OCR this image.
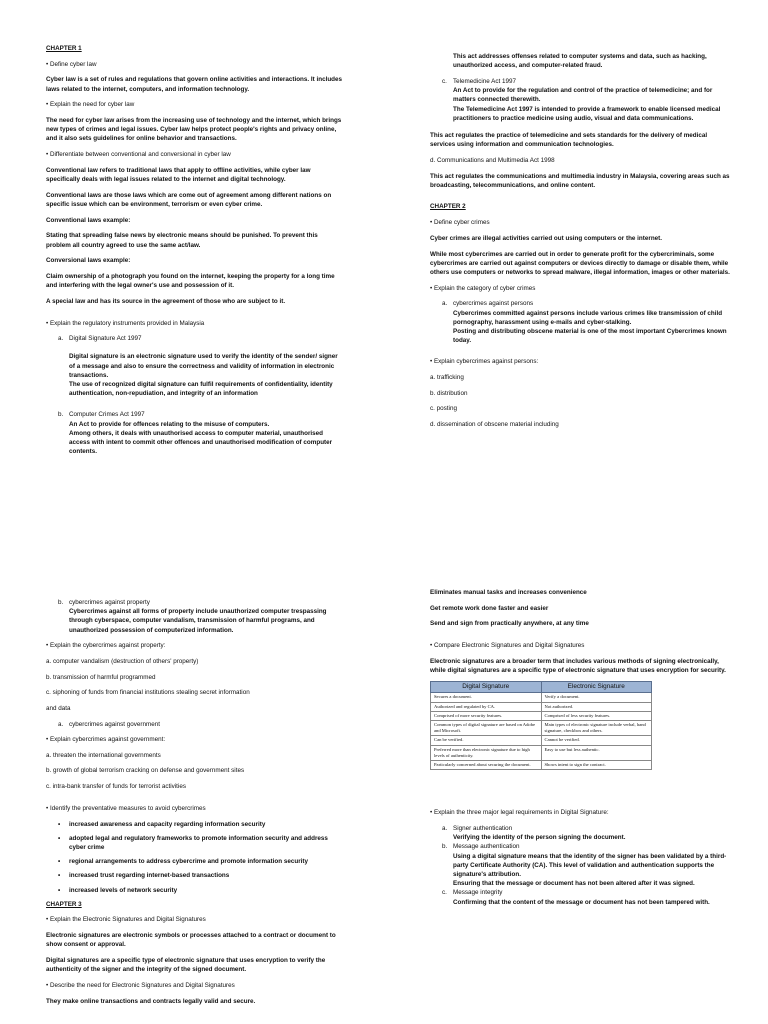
CHAPTER 1

• Define cyber law

Cyber law is a set of rules and regulations that govern online activities and interactions. It includes laws related to the internet, computers, and information technology.

• Explain the need for cyber law

The need for cyber law arises from the increasing use of technology and the internet, which brings new types of crimes and legal issues. Cyber law helps protect people's rights and privacy online, and it also sets guidelines for online behavior and transactions.

• Differentiate between conventional and conversional in cyber law

Conventional law refers to traditional laws that apply to offline activities, while cyber law specifically deals with legal issues related to the internet and digital technology.

Conventional laws are those laws which are come out of agreement among different nations on specific issue which can be environment, terrorism or even cyber crime.

Conventional laws example:

Stating that spreading false news by electronic means should be punished. To prevent this problem all country agreed to use the same act/law.

Conversional laws example:

Claim ownership of a photograph you found on the internet, keeping the property for a long time and interfering with the legal owner's use and possession of it.

A special law and has its source in the agreement of those who are subject to it.

• Explain the regulatory instruments provided in Malaysia

a. Digital Signature Act 1997

Digital signature is an electronic signature used to verify the identity of the sender/ signer of a message and also to ensure the correctness and validity of information in electronic transactions.

The use of recognized digital signature can fulfil requirements of confidentiality, identity authentication, non-repudiation, and integrity of an information

b. Computer Crimes Act 1997

An Act to provide for offences relating to the misuse of computers.

Among others, it deals with unauthorised access to computer material, unauthorised access with intent to commit other offences and unauthorised modification of computer contents.

This act addresses offenses related to computer systems and data, such as hacking, unauthorized access, and computer-related fraud.

c. Telemedicine Act 1997

An Act to provide for the regulation and control of the practice of telemedicine; and for matters connected therewith.

The Telemedicine Act 1997 is intended to provide a framework to enable licensed medical practitioners to practice medicine using audio, visual and data communications.

This act regulates the practice of telemedicine and sets standards for the delivery of medical services using information and communication technologies.

d. Communications and Multimedia Act 1998

This act regulates the communications and multimedia industry in Malaysia, covering areas such as broadcasting, telecommunications, and online content.

CHAPTER 2

• Define cyber crimes

Cyber crimes are illegal activities carried out using computers or the internet.

While most cybercrimes are carried out in order to generate profit for the cybercriminals, some cybercrimes are carried out against computers or devices directly to damage or disable them, while others use computers or networks to spread malware, illegal information, images or other materials.

• Explain the category of cyber crimes

a. cybercrimes against persons

Cybercrimes committed against persons include various crimes like transmission of child pornography, harassment using e-mails and cyber-stalking.

Posting and distributing obscene material is one of the most important Cybercrimes known today.

• Explain cybercrimes against persons:

a. trafficking

b. distribution

c. posting

d. dissemination of obscene material including

b. cybercrimes against property

Cybercrimes against all forms of property include unauthorized computer trespassing through cyberspace, computer vandalism, transmission of harmful programs, and unauthorized possession of computerized information.

• Explain the cybercrimes against property:

a. computer vandalism (destruction of others' property)

b. transmission of harmful programmed

c. siphoning of funds from financial institutions stealing secret information

and data

a. cybercrimes against government

• Explain cybercrimes against government:

a. threaten the international governments

b. growth of global terrorism cracking on defense and government sites

c. intra-bank transfer of funds for terrorist activities

• Identify the preventative measures to avoid cybercrimes

•	increased awareness and capacity regarding information security
•	adopted legal and regulatory frameworks to promote information security and address cyber crime
•	regional arrangements to address cybercrime and promote information security
•	increased trust regarding internet-based transactions
•	increased levels of network security

CHAPTER 3

• Explain the Electronic Signatures and Digital Signatures

Electronic signatures are electronic symbols or processes attached to a contract or document to show consent or approval.

Digital signatures are a specific type of electronic signature that uses encryption to verify the authenticity of the signer and the integrity of the signed document.

• Describe the need for Electronic Signatures and Digital Signatures

They make online transactions and contracts legally valid and secure.

Eliminates manual tasks and increases convenience

Get remote work done faster and easier

Send and sign from practically anywhere, at any time

• Compare Electronic Signatures and Digital Signatures

Electronic signatures are a broader term that includes various methods of signing electronically, while digital signatures are a specific type of electronic signature that uses encryption for security.

Digital Signature	Electronic Signature
Secures a document.	Verify a document.
Authorized and regulated by CA.	Not authorized.
Comprised of more security features.	Comprised of less security features.
Common types of digital signature are based on Adobe and Microsoft.	Main types of electronic signature include verbal, hand signature, checkbox and others.
Can be verified.	Cannot be verified.
Preferred more than electronic signature due to high levels of authenticity.	Easy to use but less authentic.
Particularly concerned about securing the document.	Shows intent to sign the contract.

• Explain the three major legal requirements in Digital Signature:

a. Signer authentication

Verifying the identity of the person signing the document.

b. Message authentication

Using a digital signature means that the identity of the signer has been validated by a third-party Certificate Authority (CA). This level of validation and authentication supports the signature's attribution.

Ensuring that the message or document has not been altered after it was signed.

c. Message integrity

Confirming that the content of the message or document has not been tampered with.
